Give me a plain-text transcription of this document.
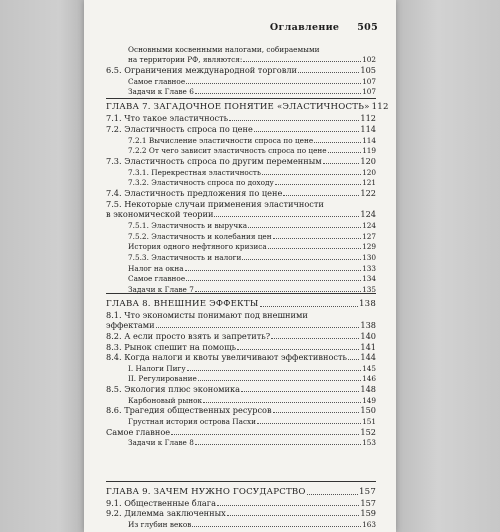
Оглавление 505
Основными косвенными налогами, собираемыми
на территории РФ, являются:	102
6.5. Ограничения международной торговли	105
Самое главное	107
Задачи к Главе 6	107
ГЛАВА 7. ЗАГАДОЧНОЕ ПОНЯТИЕ «ЭЛАСТИЧНОСТЬ» 112
7.1. Что такое эластичность	112
7.2. Эластичность спроса по цене	114
7.2.1 Вычисление эластичности спроса по цене	114
7.2.2 От чего зависит эластичность спроса по цене	119
7.3. Эластичность спроса по другим переменным	120
7.3.1. Перекрестная эластичность	120
7.3.2. Эластичность спроса по доходу	121
7.4. Эластичность предложения по цене	122
7.5. Некоторые случаи применения эластичности
в экономической теории	124
7.5.1. Эластичность и выручка	124
7.5.2. Эластичность и колебания цен	127
История одного нефтяного кризиса	129
7.5.3. Эластичность и налоги	130
Налог на окна	133
Самое главное	134
Задачи к Главе 7	135
ГЛАВА 8. ВНЕШНИЕ ЭФФЕКТЫ	138
8.1. Что экономисты понимают под внешними
эффектами	138
8.2. А если просто взять и запретить?	140
8.3. Рынок спешит на помощь	141
8.4. Когда налоги и квоты увеличивают эффективность 144
I. Налоги Пигу	145
II. Регулирование	146
8.5. Экология плюс экономика	148
Карбоновый рынок	149
8.6. Трагедия общественных ресурсов	150
Грустная история острова Пасхи	151
Самое главное	152
Задачи к Главе 8	153
ГЛАВА 9. ЗАЧЕМ НУЖНО ГОСУДАРСТВО	157
9.1. Общественные блага	157
9.2. Дилемма заключенных	159
Из глубин веков	163
